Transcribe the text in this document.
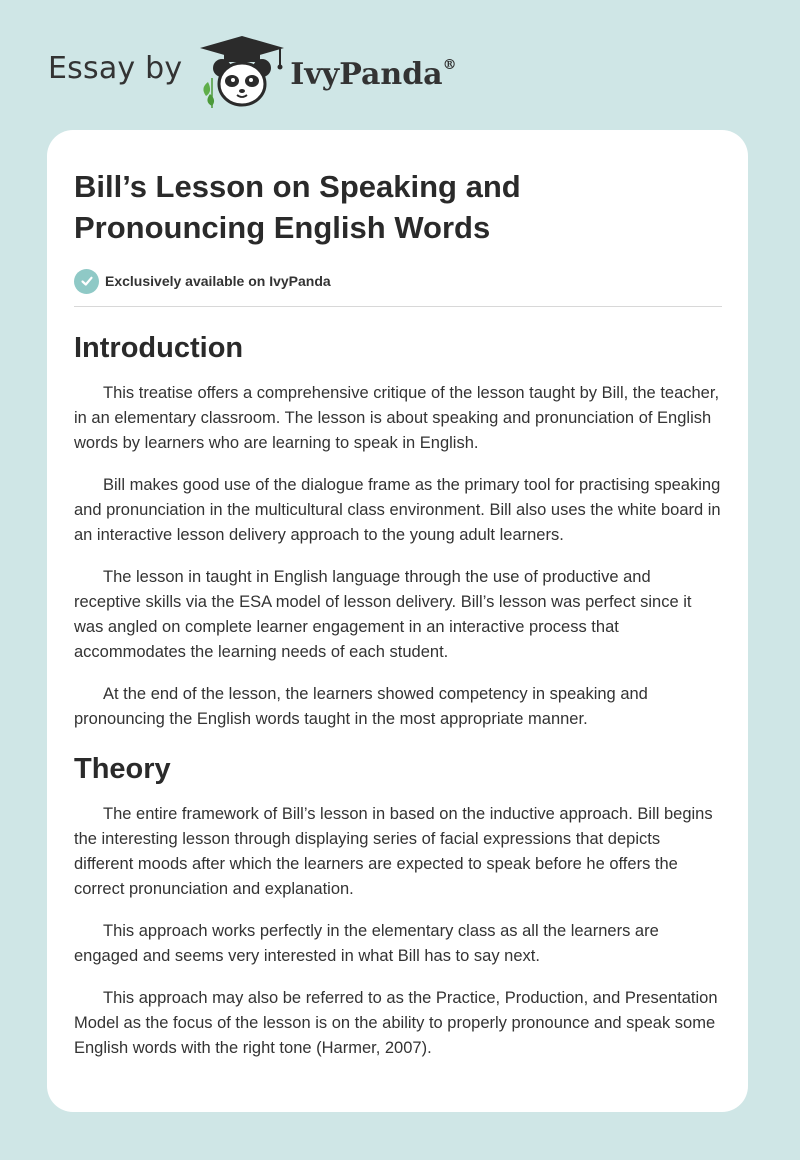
Essay by	IvyPanda®
Bill’s Lesson on Speaking and Pronouncing English Words
Exclusively available on IvyPanda
Introduction

This treatise offers a comprehensive critique of the lesson taught by Bill, the teacher, in an elementary classroom. The lesson is about speaking and pronunciation of English words by learners who are learning to speak in English.

Bill makes good use of the dialogue frame as the primary tool for practising speaking and pronunciation in the multicultural class environment. Bill also uses the white board in an interactive lesson delivery approach to the young adult learners.

The lesson in taught in English language through the use of productive and receptive skills via the ESA model of lesson delivery. Bill’s lesson was perfect since it was angled on complete learner engagement in an interactive process that accommodates the learning needs of each student.

At the end of the lesson, the learners showed competency in speaking and pronouncing the English words taught in the most appropriate manner.

Theory

The entire framework of Bill’s lesson in based on the inductive approach. Bill begins the interesting lesson through displaying series of facial expressions that depicts different moods after which the learners are expected to speak before he offers the correct pronunciation and explanation.

This approach works perfectly in the elementary class as all the learners are engaged and seems very interested in what Bill has to say next.

This approach may also be referred to as the Practice, Production, and Presentation Model as the focus of the lesson is on the ability to properly pronounce and speak some English words with the right tone (Harmer, 2007).
